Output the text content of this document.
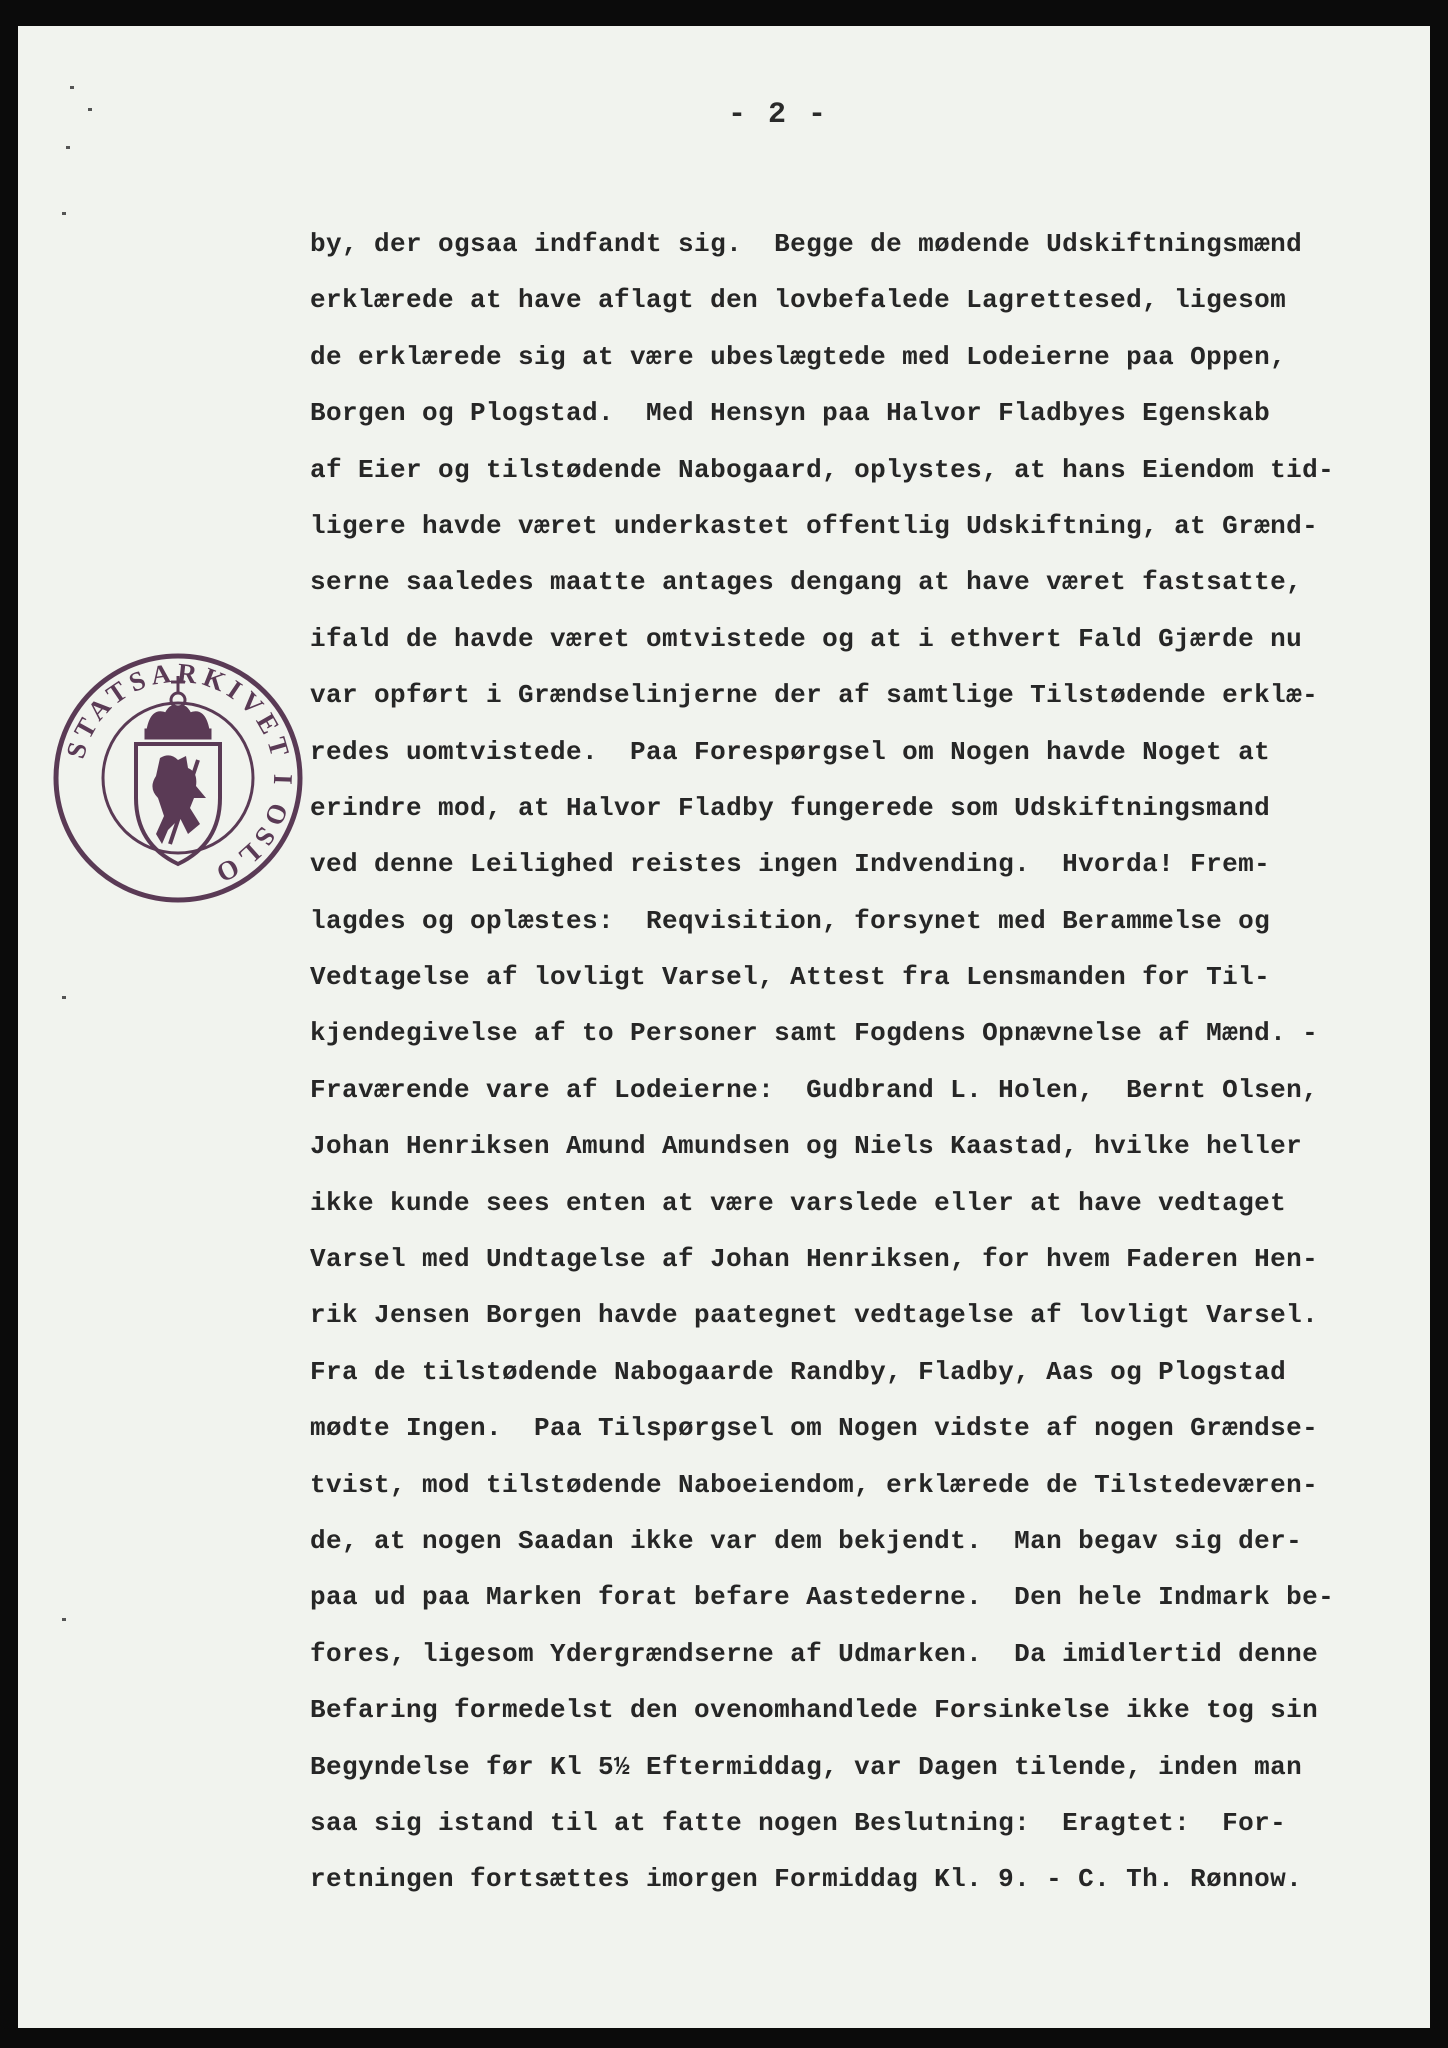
- 2 -
STATSARKIVET I OSLO
by, der ogsaa indfandt sig.  Begge de mødende Udskiftningsmænd
erklærede at have aflagt den lovbefalede Lagrettesed, ligesom
de erklærede sig at være ubeslægtede med Lodeierne paa Oppen,
Borgen og Plogstad.  Med Hensyn paa Halvor Fladbyes Egenskab
af Eier og tilstødende Nabogaard, oplystes, at hans Eiendom tid-
ligere havde været underkastet offentlig Udskiftning, at Grænd-
serne saaledes maatte antages dengang at have været fastsatte,
ifald de havde været omtvistede og at i ethvert Fald Gjærde nu
var opført i Grændselinjerne der af samtlige Tilstødende erklæ-
redes uomtvistede.  Paa Forespørgsel om Nogen havde Noget at
erindre mod, at Halvor Fladby fungerede som Udskiftningsmand
ved denne Leilighed reistes ingen Indvending.  Hvorda! Frem-
lagdes og oplæstes:  Reqvisition, forsynet med Berammelse og
Vedtagelse af lovligt Varsel, Attest fra Lensmanden for Til-
kjendegivelse af to Personer samt Fogdens Opnævnelse af Mænd. -
Fraværende vare af Lodeierne:  Gudbrand L. Holen,  Bernt Olsen,
Johan Henriksen Amund Amundsen og Niels Kaastad, hvilke heller
ikke kunde sees enten at være varslede eller at have vedtaget
Varsel med Undtagelse af Johan Henriksen, for hvem Faderen Hen-
rik Jensen Borgen havde paategnet vedtagelse af lovligt Varsel.
Fra de tilstødende Nabogaarde Randby, Fladby, Aas og Plogstad
mødte Ingen.  Paa Tilspørgsel om Nogen vidste af nogen Grændse-
tvist, mod tilstødende Naboeiendom, erklærede de Tilstedeværen-
de, at nogen Saadan ikke var dem bekjendt.  Man begav sig der-
paa ud paa Marken forat befare Aastederne.  Den hele Indmark be-
fores, ligesom Ydergrændserne af Udmarken.  Da imidlertid denne
Befaring formedelst den ovenomhandlede Forsinkelse ikke tog sin
Begyndelse før Kl 5½ Eftermiddag, var Dagen tilende, inden man
saa sig istand til at fatte nogen Beslutning:  Eragtet:  For-
retningen fortsættes imorgen Formiddag Kl. 9. - C. Th. Rønnow.
